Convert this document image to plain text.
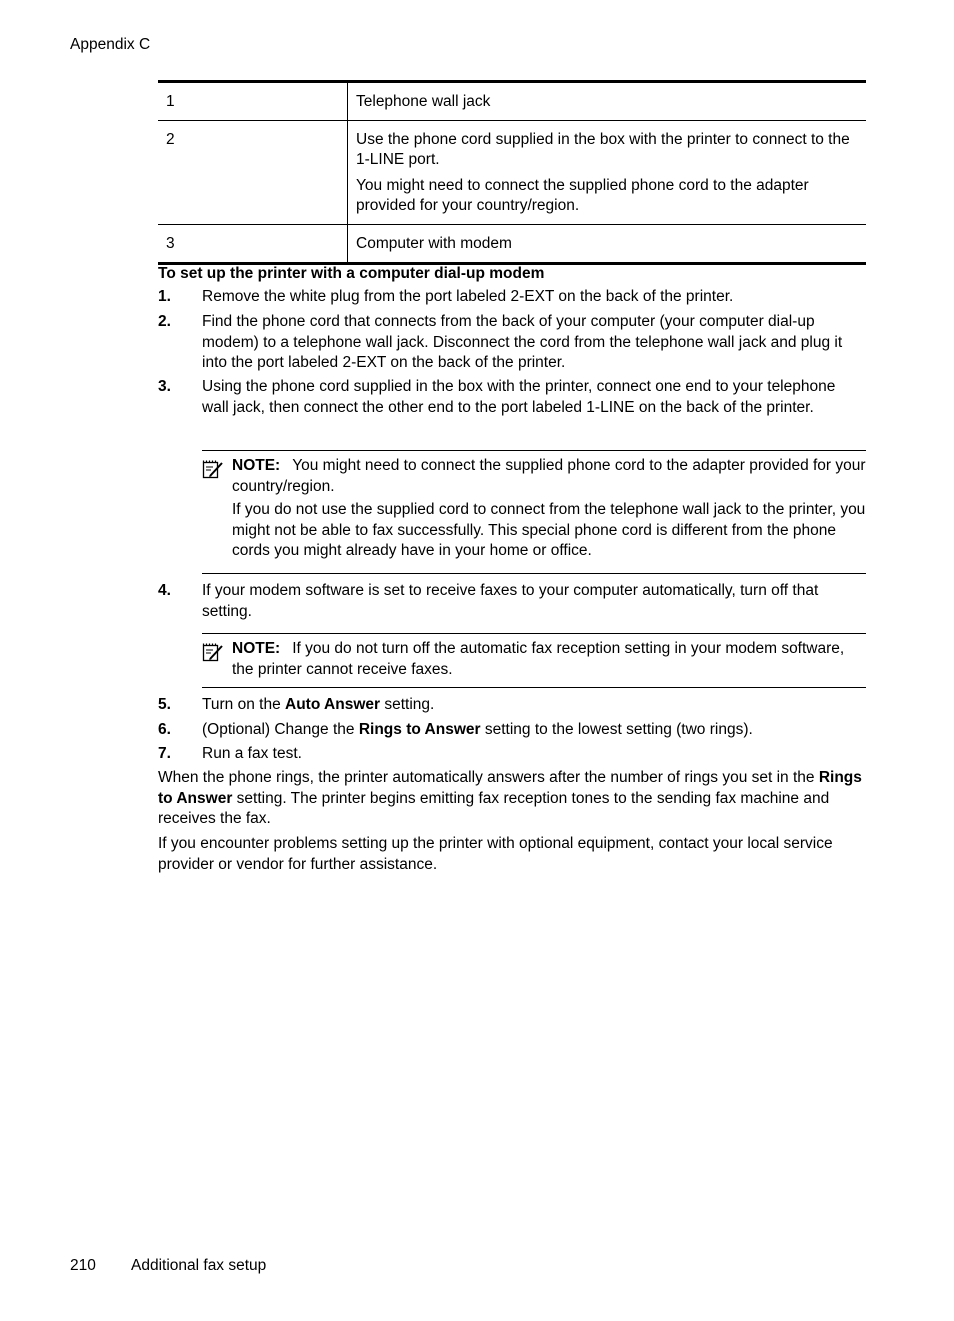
Appendix C
1	Telephone wall jack

2	Use the phone cord supplied in the box with the printer to connect to the 1-LINE port.

You might need to connect the supplied phone cord to the adapter provided for your country/region.

3	Computer with modem

To set up the printer with a computer dial-up modem
1. Remove the white plug from the port labeled 2-EXT on the back of the printer.
2. Find the phone cord that connects from the back of your computer (your computer dial-up modem) to a telephone wall jack. Disconnect the cord from the telephone wall jack and plug it into the port labeled 2-EXT on the back of the printer.
3. Using the phone cord supplied in the box with the printer, connect one end to your telephone wall jack, then connect the other end to the port labeled 1-LINE on the back of the printer.

NOTE: You might need to connect the supplied phone cord to the adapter provided for your country/region.

If you do not use the supplied cord to connect from the telephone wall jack to the printer, you might not be able to fax successfully. This special phone cord is different from the phone cords you might already have in your home or office.

4. If your modem software is set to receive faxes to your computer automatically, turn off that setting.

NOTE: If you do not turn off the automatic fax reception setting in your modem software, the printer cannot receive faxes.

5. Turn on the Auto Answer setting.
6. (Optional) Change the Rings to Answer setting to the lowest setting (two rings).
7. Run a fax test.
When the phone rings, the printer automatically answers after the number of rings you set in the Rings to Answer setting. The printer begins emitting fax reception tones to the sending fax machine and receives the fax.
If you encounter problems setting up the printer with optional equipment, contact your local service provider or vendor for further assistance.
210 Additional fax setup
